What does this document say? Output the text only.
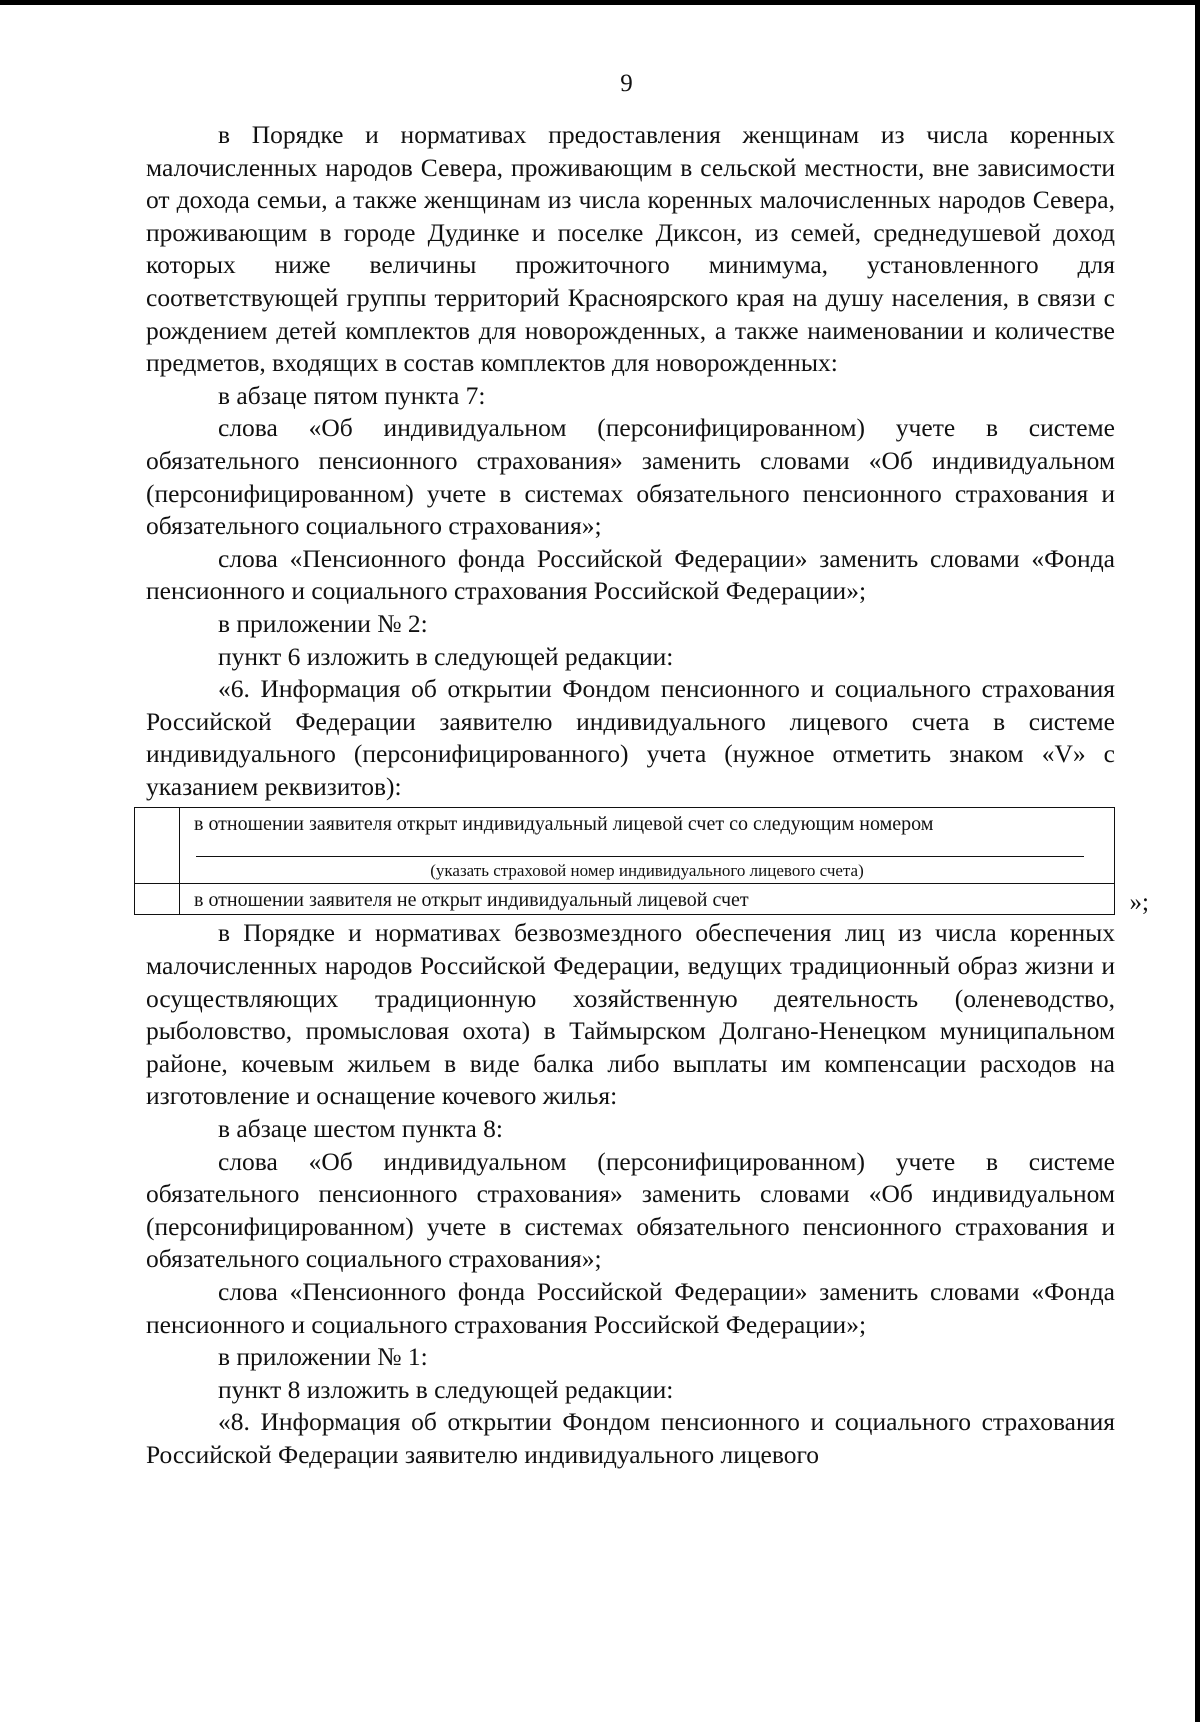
9

в Порядке и нормативах предоставления женщинам из числа коренных малочисленных народов Севера, проживающим в сельской местности, вне зависимости от дохода семьи, а также женщинам из числа коренных малочисленных народов Севера, проживающим в городе Дудинке и поселке Диксон, из семей, среднедушевой доход которых ниже величины прожиточного минимума, установленного для соответствующей группы территорий Красноярского края на душу населения, в связи с рождением детей комплектов для новорожденных, а также наименовании и количестве предметов, входящих в состав комплектов для новорожденных:

в абзаце пятом пункта 7:

слова «Об индивидуальном (персонифицированном) учете в системе обязательного пенсионного страхования» заменить словами «Об индивидуальном (персонифицированном) учете в системах обязательного пенсионного страхования и обязательного социального страхования»;

слова «Пенсионного фонда Российской Федерации» заменить словами «Фонда пенсионного и социального страхования Российской Федерации»;

в приложении № 2:

пункт 6 изложить в следующей редакции:

«6. Информация об открытии Фондом пенсионного и социального страхования Российской Федерации заявителю индивидуального лицевого счета в системе индивидуального (персонифицированного) учета (нужное отметить знаком «V» с указанием реквизитов):

	в отношении заявителя открыт индивидуальный лицевой счет со следующим номером
(указать страховой номер индивидуального лицевого счета)

	в отношении заявителя не открыт индивидуальный лицевой счет	»;

в Порядке и нормативах безвозмездного обеспечения лиц из числа коренных малочисленных народов Российской Федерации, ведущих традиционный образ жизни и осуществляющих традиционную хозяйственную деятельность (оленеводство, рыболовство, промысловая охота) в Таймырском Долгано-Ненецком муниципальном районе, кочевым жильем в виде балка либо выплаты им компенсации расходов на изготовление и оснащение кочевого жилья:

в абзаце шестом пункта 8:

слова «Об индивидуальном (персонифицированном) учете в системе обязательного пенсионного страхования» заменить словами «Об индивидуальном (персонифицированном) учете в системах обязательного пенсионного страхования и обязательного социального страхования»;

слова «Пенсионного фонда Российской Федерации» заменить словами «Фонда пенсионного и социального страхования Российской Федерации»;

в приложении № 1:

пункт 8 изложить в следующей редакции:

«8. Информация об открытии Фондом пенсионного и социального страхования Российской Федерации заявителю индивидуального лицевого
